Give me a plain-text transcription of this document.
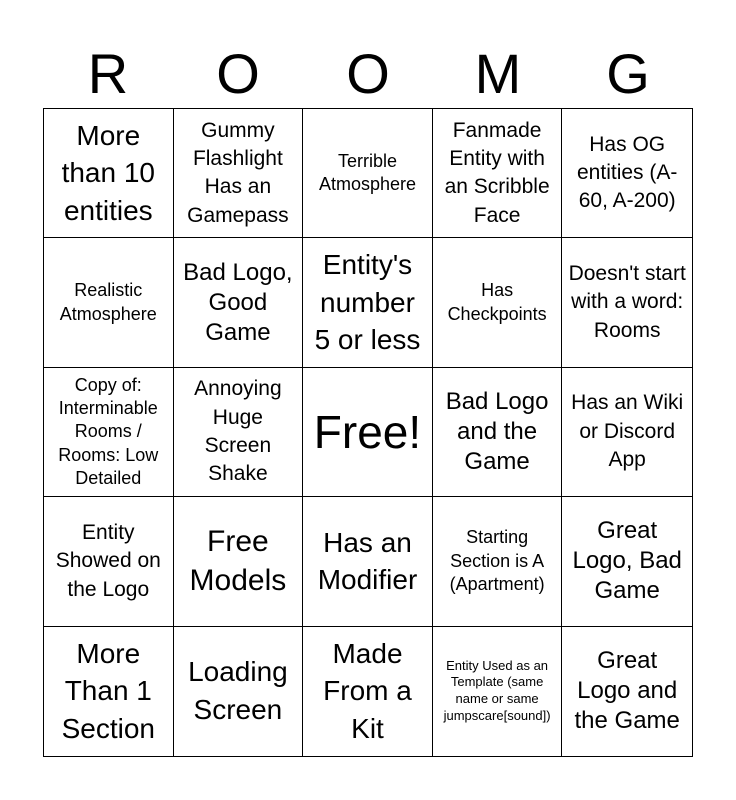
R	O	O	M	G
More than 10 entities
Gummy Flashlight Has an Gamepass
Terrible Atmosphere
Fanmade Entity with an Scribble Face
Has OG entities (A-60, A-200)
Realistic Atmosphere
Bad Logo, Good Game
Entity's number 5 or less
Has Checkpoints
Doesn't start with a word: Rooms
Copy of: Interminable Rooms / Rooms: Low Detailed
Annoying Huge Screen Shake
Free!
Bad Logo and the Game
Has an Wiki or Discord App
Entity Showed on the Logo
Free Models
Has an Modifier
Starting Section is A (Apartment)
Great Logo, Bad Game
More Than 1 Section
Loading Screen
Made From a Kit
Entity Used as an Template (same name or same jumpscare[sound])
Great Logo and the Game
